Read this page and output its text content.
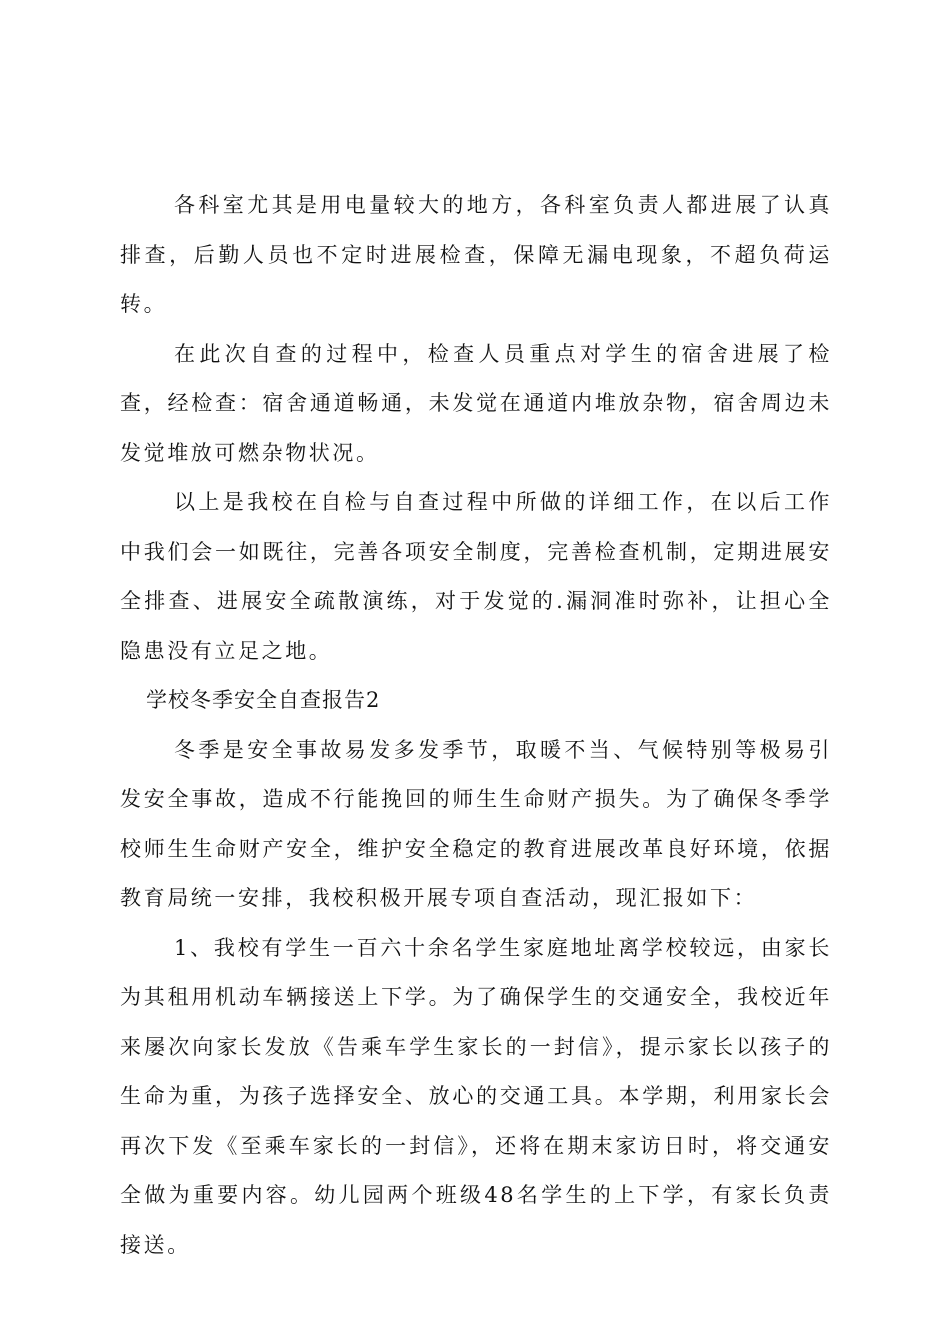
各科室尤其是用电量较大的地方，各科室负责人都进展了认真排查，后勤人员也不定时进展检查，保障无漏电现象，不超负荷运转。

在此次自查的过程中，检查人员重点对学生的宿舍进展了检查，经检查：宿舍通道畅通，未发觉在通道内堆放杂物，宿舍周边未发觉堆放可燃杂物状况。

以上是我校在自检与自查过程中所做的详细工作，在以后工作中我们会一如既往，完善各项安全制度，完善检查机制，定期进展安全排查、进展安全疏散演练，对于发觉的.漏洞准时弥补，让担心全隐患没有立足之地。

学校冬季安全自查报告2

冬季是安全事故易发多发季节，取暖不当、气候特别等极易引发安全事故，造成不行能挽回的师生生命财产损失。为了确保冬季学校师生生命财产安全，维护安全稳定的教育进展改革良好环境，依据教育局统一安排，我校积极开展专项自查活动，现汇报如下：

1、我校有学生一百六十余名学生家庭地址离学校较远，由家长为其租用机动车辆接送上下学。为了确保学生的交通安全，我校近年来屡次向家长发放《告乘车学生家长的一封信》，提示家长以孩子的生命为重，为孩子选择安全、放心的交通工具。本学期，利用家长会再次下发《至乘车家长的一封信》，还将在期末家访日时，将交通安全做为重要内容。幼儿园两个班级48名学生的上下学，有家长负责接送。
